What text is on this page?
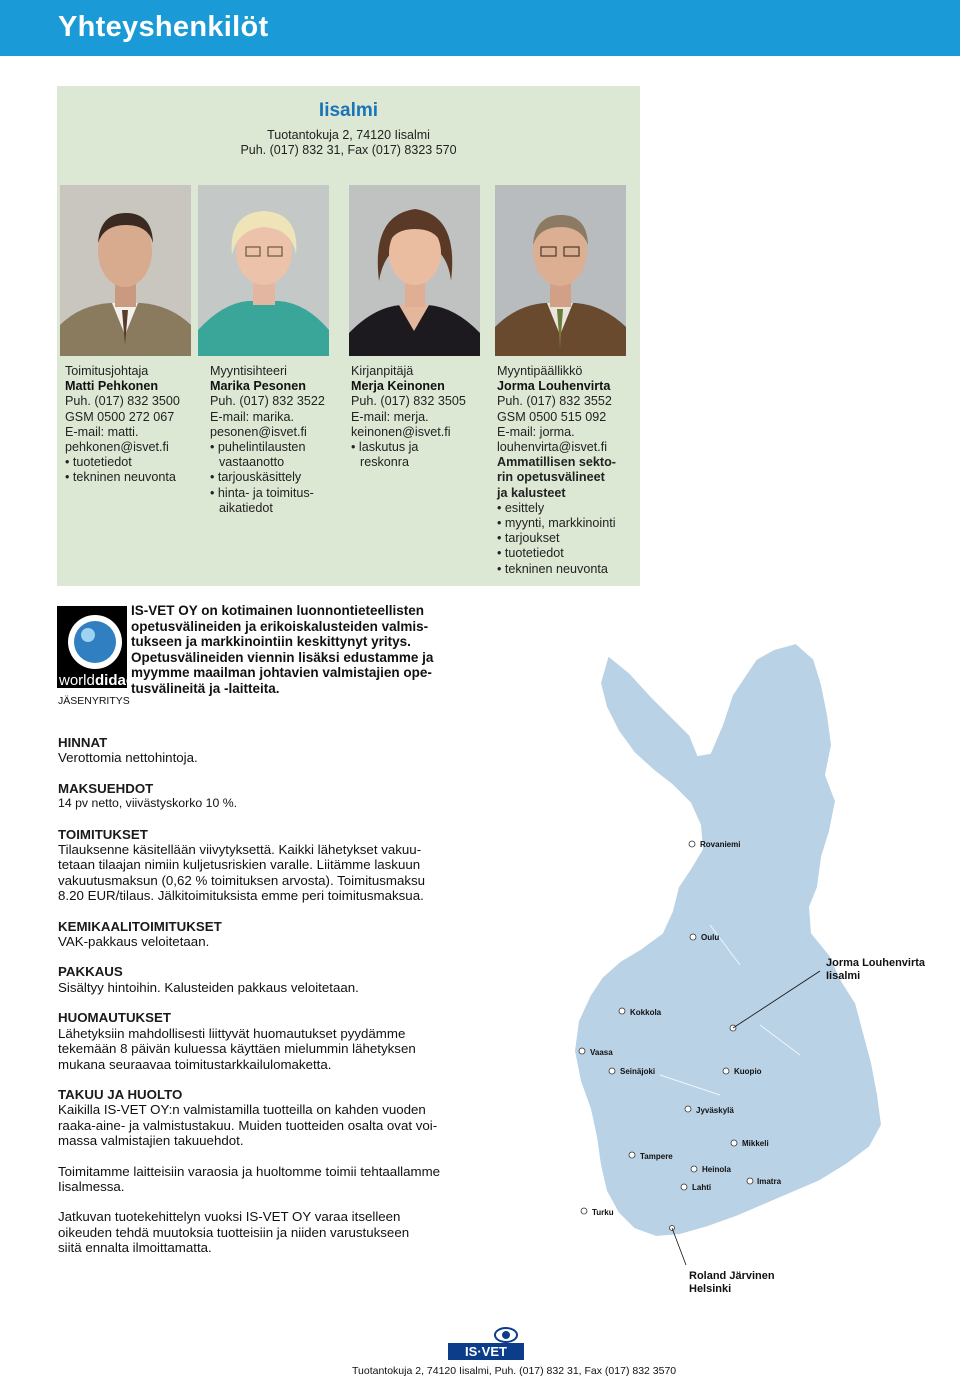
Yhteyshenkilöt
Iisalmi
Tuotantokuja 2, 74120 Iisalmi
Puh. (017) 832 31, Fax (017) 8323 570
Toimitusjohtaja
Matti Pehkonen
Puh. (017) 832 3500
GSM 0500 272 067
E-mail: matti.
pehkonen@isvet.fi
• tuotetiedot
• tekninen neuvonta
Myyntisihteeri
Marika Pesonen
Puh. (017) 832 3522
E-mail: marika.
pesonen@isvet.fi
• puhelintilausten
vastaanotto
• tarjouskäsittely
• hinta- ja toimitus-
aikatiedot
Kirjanpitäjä
Merja Keinonen
Puh. (017) 832 3505
E-mail: merja.
keinonen@isvet.fi
• laskutus ja
reskonra
Myyntipäällikkö
Jorma Louhenvirta
Puh. (017) 832 3552
GSM 0500 515 092
E-mail: jorma.
louhenvirta@isvet.fi
Ammatillisen sekto-
rin opetusvälineet
ja kalusteet
• esittely
• myynti, markkinointi
• tarjoukset
• tuotetiedot
• tekninen neuvonta
world didac
JÄSENYRITYS
IS-VET OY on kotimainen luonnontieteellisten
opetusvälineiden ja erikoiskalusteiden valmis-
tukseen ja markkinointiin keskittynyt yritys.
Opetusvälineiden viennin lisäksi edustamme ja
myymme maailman johtavien valmistajien ope-
tusvälineitä ja -laitteita.
HINNAT
Verottomia nettohintoja.
MAKSUEHDOT
14 pv netto, viivästyskorko 10 %.
TOIMITUKSET
Tilauksenne käsitellään viivytyksettä. Kaikki lähetykset vakuu-
tetaan tilaajan nimiin kuljetusriskien varalle. Liitämme laskuun
vakuutusmaksun (0,62 % toimituksen arvosta). Toimitusmaksu
8.20 EUR/tilaus. Jälkitoimituksista emme peri toimitusmaksua.
KEMIKAALITOIMITUKSET
VAK-pakkaus veloitetaan.
PAKKAUS
Sisältyy hintoihin. Kalusteiden pakkaus veloitetaan.
HUOMAUTUKSET
Lähetyksiin mahdollisesti liittyvät huomautukset pyydämme
tekemään 8 päivän kuluessa käyttäen mielummin lähetyksen
mukana seuraavaa toimitustarkkailulomaketta.
TAKUU JA HUOLTO
Kaikilla IS-VET OY:n valmistamilla tuotteilla on kahden vuoden
raaka-aine- ja valmistustakuu. Muiden tuotteiden osalta ovat voi-
massa valmistajien takuuehdot.
Toimitamme laitteisiin varaosia ja huoltomme toimii tehtaallamme
Iisalmessa.
Jatkuvan tuotekehittelyn vuoksi IS-VET OY varaa itselleen
oikeuden tehdä muutoksia tuotteisiin ja niiden varustukseen
siitä ennalta ilmoittamatta.
Rovaniemi
Oulu
Kokkola
Vaasa
Seinäjoki	Kuopio
Jyväskylä
Mikkeli
Tampere
Heinola
Lahti
Imatra
Turku
Jorma Louhenvirta
Iisalmi
Roland Järvinen
Helsinki
IS·VET
Tuotantokuja 2, 74120 Iisalmi, Puh. (017) 832 31, Fax (017) 832 3570
